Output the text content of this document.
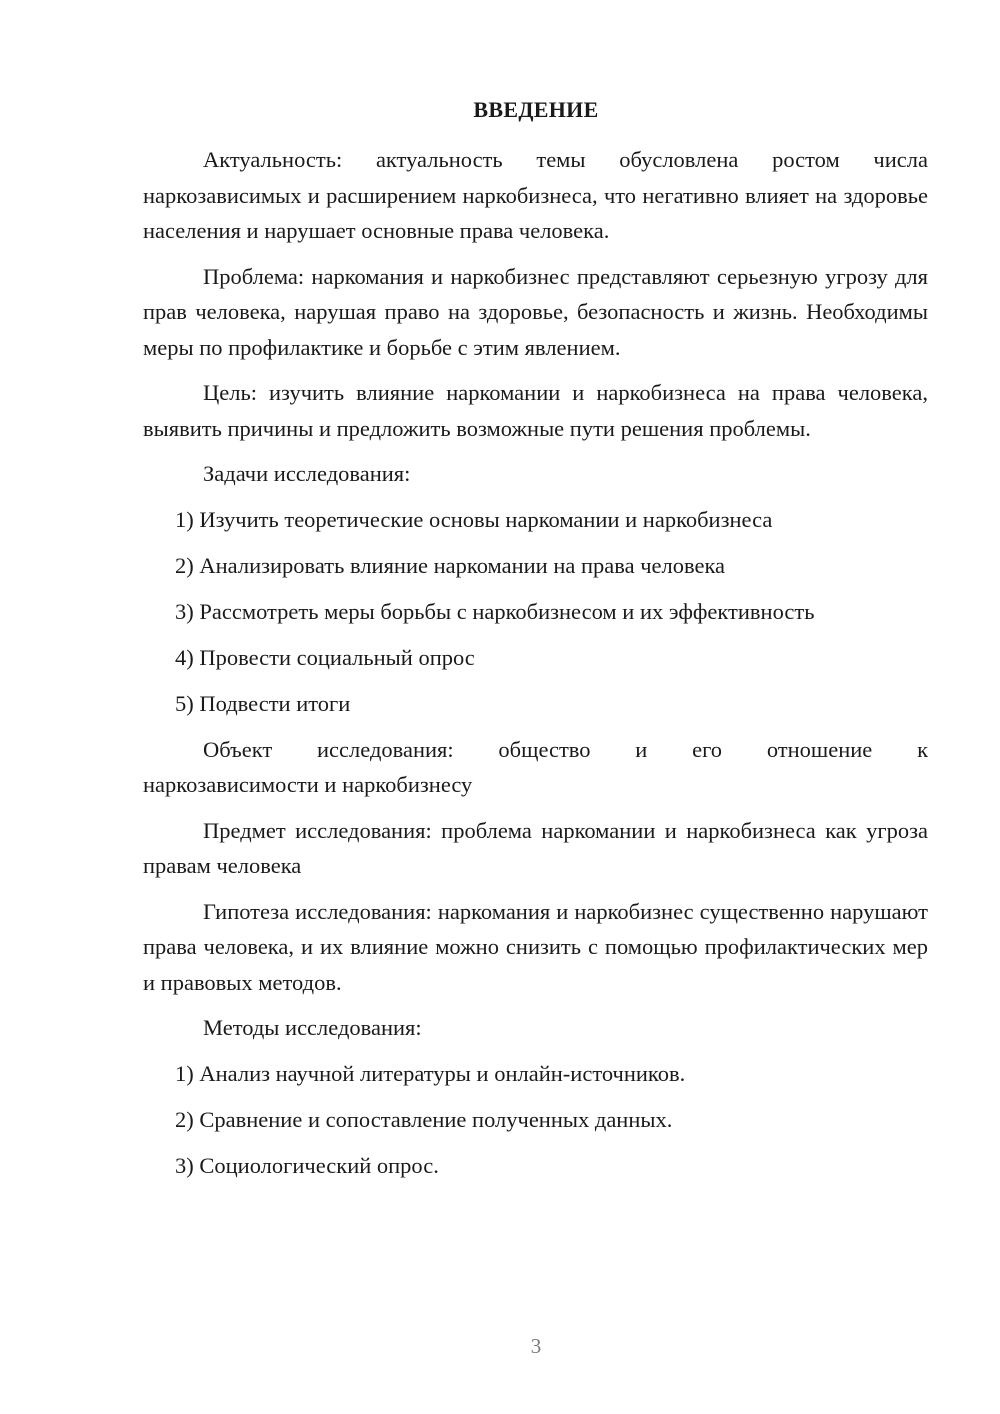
ВВЕДЕНИЕ

Актуальность: актуальность темы обусловлена ростом числа наркозависимых и расширением наркобизнеса, что негативно влияет на здоровье населения и нарушает основные права человека.

Проблема: наркомания и наркобизнес представляют серьезную угрозу для прав человека, нарушая право на здоровье, безопасность и жизнь. Необходимы меры по профилактике и борьбе с этим явлением.

Цель: изучить влияние наркомании и наркобизнеса на права человека, выявить причины и предложить возможные пути решения проблемы.

Задачи исследования:

1) Изучить теоретические основы наркомании и наркобизнеса
2) Анализировать влияние наркомании на права человека
3) Рассмотреть меры борьбы с наркобизнесом и их эффективность
4) Провести социальный опрос
5) Подвести итоги
Объект исследования: общество и его отношение к
наркозависимости и наркобизнесу

Предмет исследования: проблема наркомании и наркобизнеса как угроза правам человека

Гипотеза исследования: наркомания и наркобизнес существенно нарушают права человека, и их влияние можно снизить с помощью профилактических мер и правовых методов.

Методы исследования:

1) Анализ научной литературы и онлайн-источников.
2) Сравнение и сопоставление полученных данных.
3) Социологический опрос.
3
